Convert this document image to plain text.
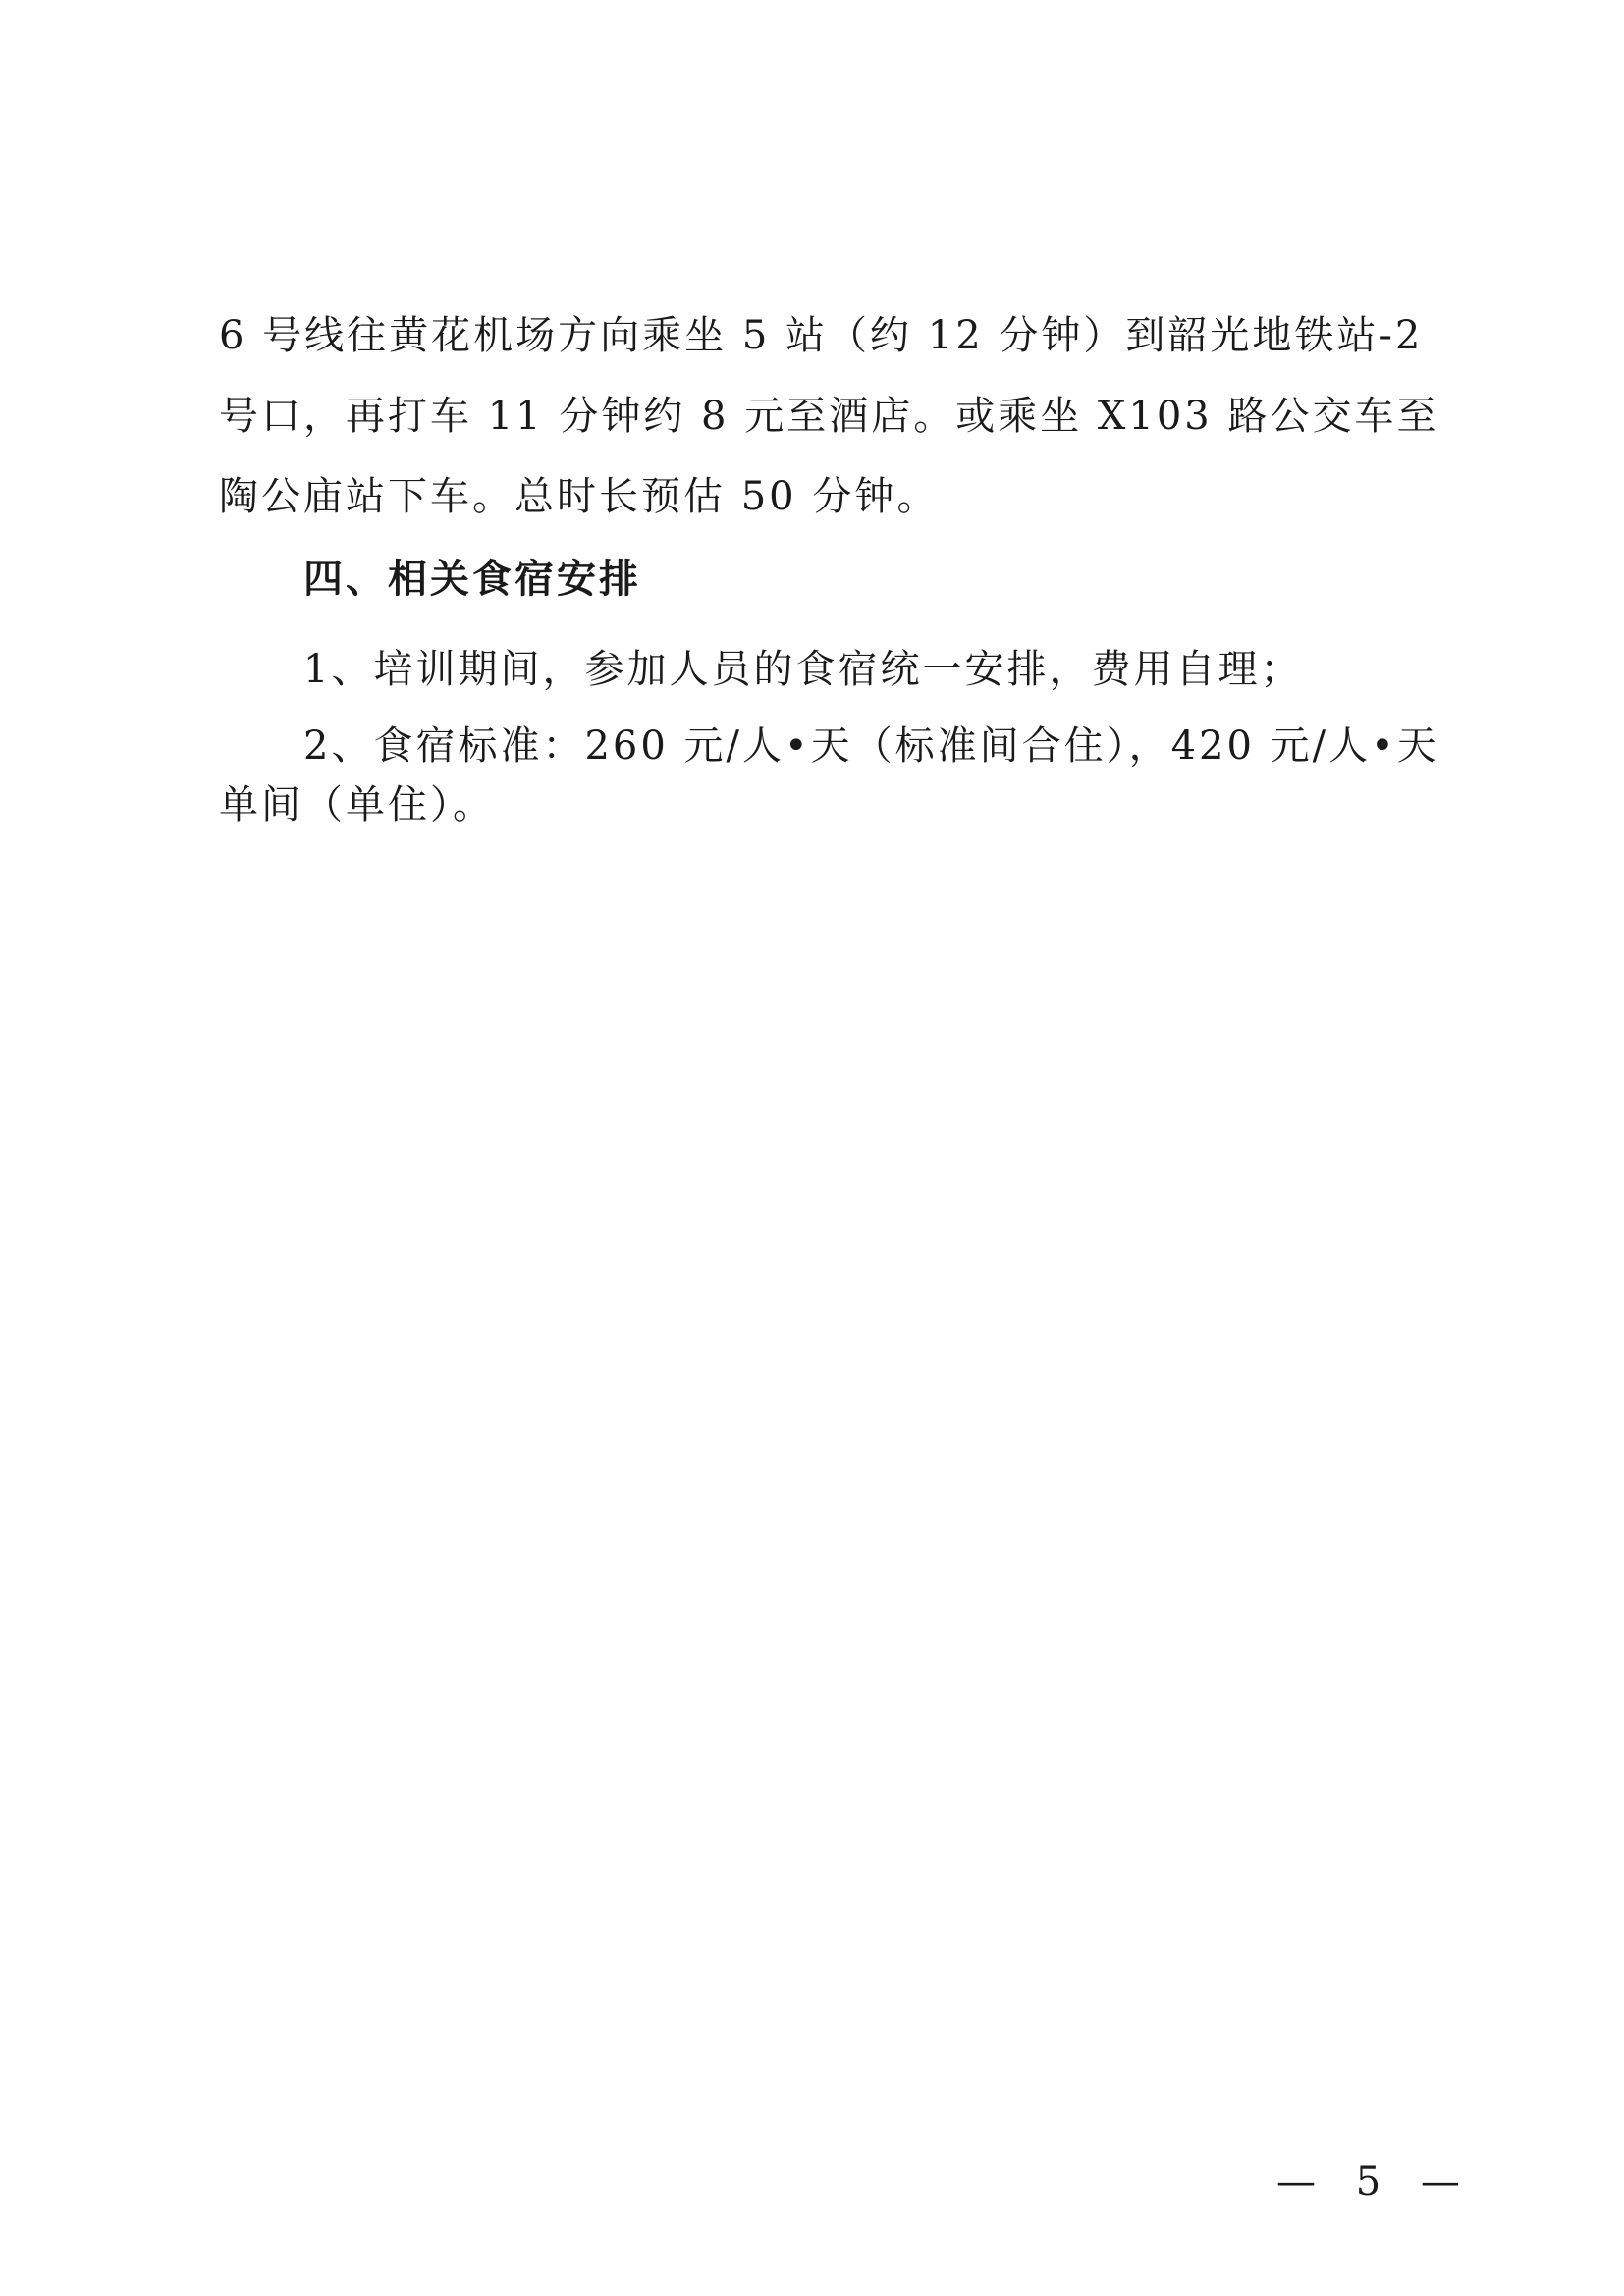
6 号线往黄花机场方向乘坐 5 站（约 12 分钟）到韶光地铁站-2
号口，再打车 11 分钟约 8 元至酒店。或乘坐 X103 路公交车至
陶公庙站下车。总时长预估 50 分钟。
四、相关食宿安排
1、培训期间，参加人员的食宿统一安排，费用自理；
2、食宿标准：260 元/人•天（标准间合住），420 元/人•天
单间（单住）。
— 5 —
